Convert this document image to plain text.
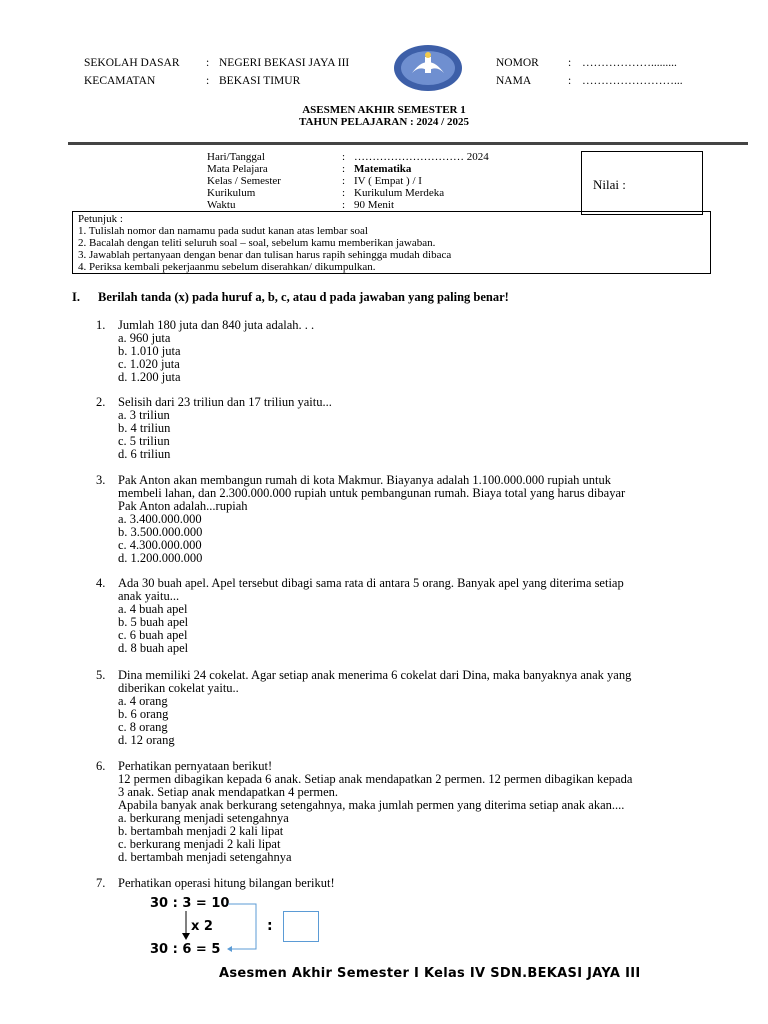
SEKOLAH DASAR : NEGERI BEKASI JAYA III
KECAMATAN	: BEKASI TIMUR
NOMOR	: ……………….........
NAMA	: ……………………...
ASESMEN AKHIR SEMESTER 1
TAHUN PELAJARAN : 2024 / 2025
Hari/Tanggal	: ………………………… 2024
Mata Pelajara	: Matematika
Kelas / Semester	: IV ( Empat ) / I
Kurikulum	: Kurikulum Merdeka
Waktu	: 90 Menit
Nilai :
Petunjuk :
1. Tulislah nomor dan namamu pada sudut kanan atas lembar soal
2. Bacalah dengan teliti seluruh soal – soal, sebelum kamu memberikan jawaban.
3. Jawablah pertanyaan dengan benar dan tulisan harus rapih sehingga mudah dibaca
4. Periksa kembali pekerjaanmu sebelum diserahkan/ dikumpulkan.
I. Berilah tanda (x) pada huruf a, b, c, atau d pada jawaban yang paling benar!
1. Jumlah 180 juta dan 840 juta adalah. . .
a. 960 juta
b. 1.010 juta
c. 1.020 juta
d. 1.200 juta
2. Selisih dari 23 triliun dan 17 triliun yaitu...
a. 3 triliun
b. 4 triliun
c. 5 triliun
d. 6 triliun
3. Pak Anton akan membangun rumah di kota Makmur. Biayanya adalah 1.100.000.000 rupiah untuk
membeli lahan, dan 2.300.000.000 rupiah untuk pembangunan rumah. Biaya total yang harus dibayar
Pak Anton adalah...rupiah
a. 3.400.000.000
b. 3.500.000.000
c. 4.300.000.000
d. 1.200.000.000
4. Ada 30 buah apel. Apel tersebut dibagi sama rata di antara 5 orang. Banyak apel yang diterima setiap
anak yaitu...
a. 4 buah apel
b. 5 buah apel
c. 6 buah apel
d. 8 buah apel
5. Dina memiliki 24 cokelat. Agar setiap anak menerima 6 cokelat dari Dina, maka banyaknya anak yang
diberikan cokelat yaitu..
a. 4 orang
b. 6 orang
c. 8 orang
d. 12 orang
6. Perhatikan pernyataan berikut!
12 permen dibagikan kepada 6 anak. Setiap anak mendapatkan 2 permen. 12 permen dibagikan kepada
3 anak. Setiap anak mendapatkan 4 permen.
Apabila banyak anak berkurang setengahnya, maka jumlah permen yang diterima setiap anak akan....
a. berkurang menjadi setengahnya
b. bertambah menjadi 2 kali lipat
c. berkurang menjadi 2 kali lipat
d. bertambah menjadi setengahnya
7. Perhatikan operasi hitung bilangan berikut!
30 : 3 = 10
x 2
30 : 6 = 5
:
Asesmen Akhir Semester I Kelas IV SDN.BEKASI JAYA III
